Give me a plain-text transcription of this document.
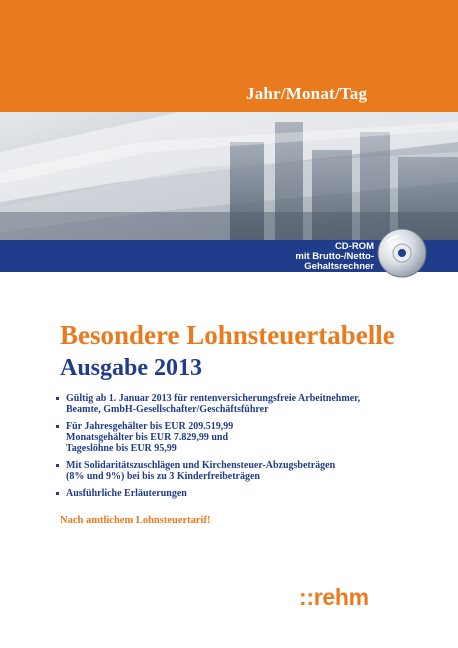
Jahr/Monat/Tag
CD-ROM
mit Brutto-/Netto-
Gehaltsrechner
Besondere Lohnsteuertabelle
Ausgabe 2013
Gültig ab 1. Januar 2013 für rentenversicherungsfreie Arbeitnehmer,
Beamte, GmbH-Gesellschafter/Geschäftsführer
Für Jahresgehälter bis EUR 209.519,99
Monatsgehälter bis EUR 7.829,99 und
Tageslöhne bis EUR 95,99
Mit Solidaritätszuschlägen und Kirchensteuer-Abzugsbeträgen
(8% und 9%) bei bis zu 3 Kinderfreibeträgen
Ausführliche Erläuterungen
Nach amtlichem Lohnsteuertarif!
::rehm
